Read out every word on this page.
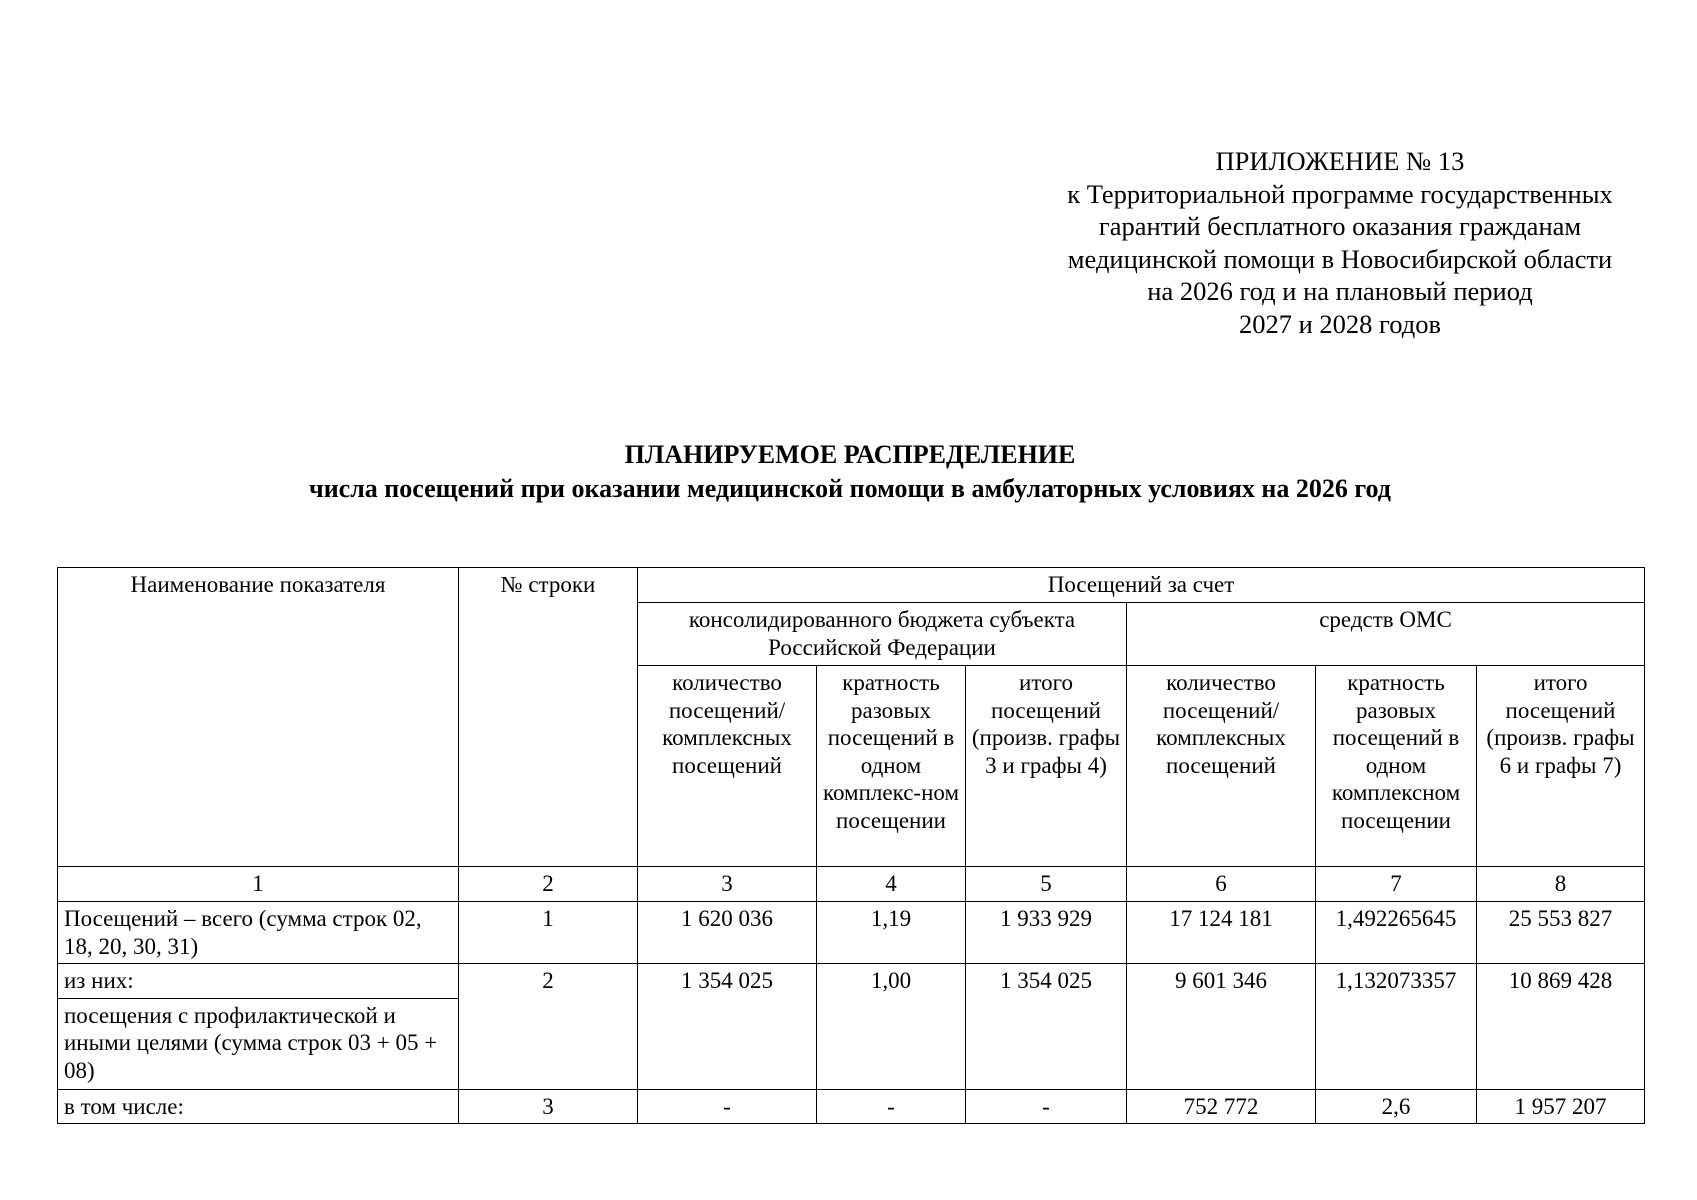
ПРИЛОЖЕНИЕ № 13
к Территориальной программе государственных
гарантий бесплатного оказания гражданам
медицинской помощи в Новосибирской области
на 2026 год и на плановый период
2027 и 2028 годов
ПЛАНИРУЕМОЕ РАСПРЕДЕЛЕНИЕ
числа посещений при оказании медицинской помощи в амбулаторных условиях на 2026 год
Наименование показателя	№ строки	Посещений за счет					
		консолидированного бюджета субъекта Российской Федерации			средств ОМС		
		количество посещений/ комплексных посещений	кратность разовых посещений в одном комплекс-ном посещении	итого посещений (произв. графы 3 и графы 4)	количество посещений/ комплексных посещений	кратность разовых посещений в одном комплексном посещении	итого посещений (произв. графы 6 и графы 7)
1	2	3	4	5	6	7	8
Посещений – всего (сумма строк 02, 18, 20, 30, 31)	1	1 620 036	1,19	1 933 929	17 124 181	1,492265645	25 553 827
из них:	2	1 354 025	1,00	1 354 025	9 601 346	1,132073357	10 869 428
посещения с профилактической и иными целями (сумма строк 03 + 05 + 08)							
в том числе:	3	-	-	-	752 772	2,6	1 957 207
